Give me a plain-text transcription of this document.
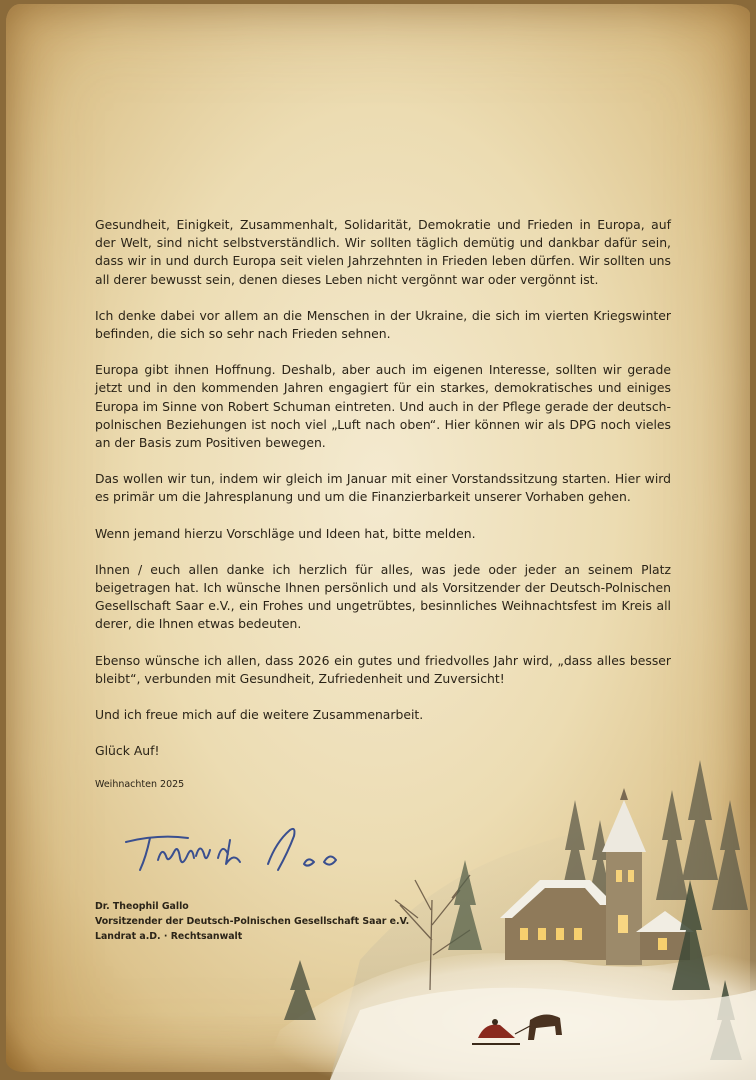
Gesundheit, Einigkeit, Zusammenhalt, Solidarität, Demokratie und Frieden in Europa, auf der Welt, sind nicht selbstverständlich. Wir sollten täglich demütig und dankbar dafür sein, dass wir in und durch Europa seit vielen Jahrzehnten in Frieden leben dürfen. Wir sollten uns all derer bewusst sein, denen dieses Leben nicht vergönnt war oder vergönnt ist.

Ich denke dabei vor allem an die Menschen in der Ukraine, die sich im vierten Kriegswinter befinden, die sich so sehr nach Frieden sehnen.

Europa gibt ihnen Hoffnung. Deshalb, aber auch im eigenen Interesse, sollten wir gerade jetzt und in den kommenden Jahren engagiert für ein starkes, demokratisches und einiges Europa im Sinne von Robert Schuman eintreten. Und auch in der Pflege gerade der deutsch-polnischen Beziehungen ist noch viel „Luft nach oben“. Hier können wir als DPG noch vieles an der Basis zum Positiven bewegen.

Das wollen wir tun, indem wir gleich im Januar mit einer Vorstandssitzung starten. Hier wird es primär um die Jahresplanung und um die Finanzierbarkeit unserer Vorhaben gehen.

Wenn jemand hierzu Vorschläge und Ideen hat, bitte melden.

Ihnen / euch allen danke ich herzlich für alles, was jede oder jeder an seinem Platz beigetragen hat. Ich wünsche Ihnen persönlich und als Vorsitzender der Deutsch-Polnischen Gesellschaft Saar e.V., ein Frohes und ungetrübtes, besinnliches Weihnachtsfest im Kreis all derer, die Ihnen etwas bedeuten.

Ebenso wünsche ich allen, dass 2026 ein gutes und friedvolles Jahr wird, „dass alles besser bleibt“, verbunden mit Gesundheit, Zufriedenheit und Zuversicht!

Und ich freue mich auf die weitere Zusammenarbeit.

Glück Auf!

Weihnachten 2025
Dr. Theophil Gallo
Vorsitzender der Deutsch-Polnischen Gesellschaft Saar e.V.
Landrat a.D. · Rechtsanwalt
